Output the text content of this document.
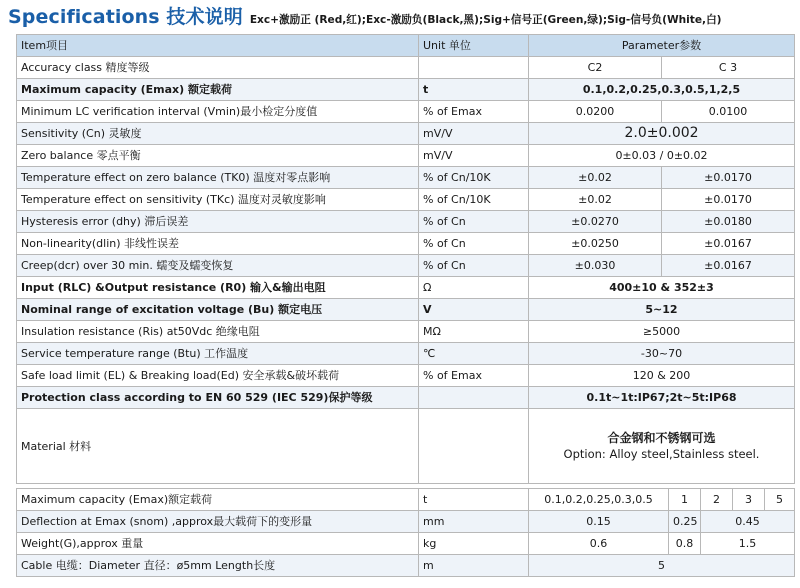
Specifications 技术说明 Exc+激励正 (Red,红);Exc-激励负(Black,黑);Sig+信号正(Green,绿);Sig-信号负(White,白)
Item项目	Unit 单位	Parameter参数	
Accuracy class 精度等级		C2	C 3
Maximum capacity (Emax) 额定载荷	t	0.1,0.2,0.25,0.3,0.5,1,2,5	
Minimum LC verification interval (Vmin)最小检定分度值	% of Emax	0.0200	0.0100
Sensitivity (Cn) 灵敏度	mV/V	2.0±0.002	
Zero balance 零点平衡	mV/V	0±0.03 / 0±0.02	
Temperature effect on zero balance (TK0) 温度对零点影响	% of Cn/10K	±0.02	±0.0170
Temperature effect on sensitivity (TKc) 温度对灵敏度影响	% of Cn/10K	±0.02	±0.0170
Hysteresis error (dhy) 滞后误差	% of Cn	±0.0270	±0.0180
Non-linearity(dlin) 非线性误差	% of Cn	±0.0250	±0.0167
Creep(dcr) over 30 min. 蠕变及蠕变恢复	% of Cn	±0.030	±0.0167
Input (RLC) &Output resistance (R0) 输入&输出电阻	Ω	400±10 & 352±3	
Nominal range of excitation voltage (Bu) 额定电压	V	5~12	
Insulation resistance (Ris) at50Vdc 绝缘电阻	MΩ	≥5000	
Service temperature range (Btu) 工作温度	℃	-30~70	
Safe load limit (EL) & Breaking load(Ed) 安全承载&破坏载荷	% of Emax	120 & 200	
Protection class according to EN 60 529 (IEC 529)保护等级		0.1t~1t:IP67;2t~5t:IP68	
Material 材料		合金钢和不锈钢可选
Option: Alloy steel,Stainless steel.	
Maximum capacity (Emax)额定载荷	t	0.1,0.2,0.25,0.3,0.5	1	2	3	5
Deflection at Emax (snom) ,approx最大载荷下的变形量	mm	0.15	0.25	0.45		
Weight(G),approx 重量	kg	0.6	0.8	1.5		
Cable 电缆：Diameter 直径：ø5mm Length长度	m	5				
